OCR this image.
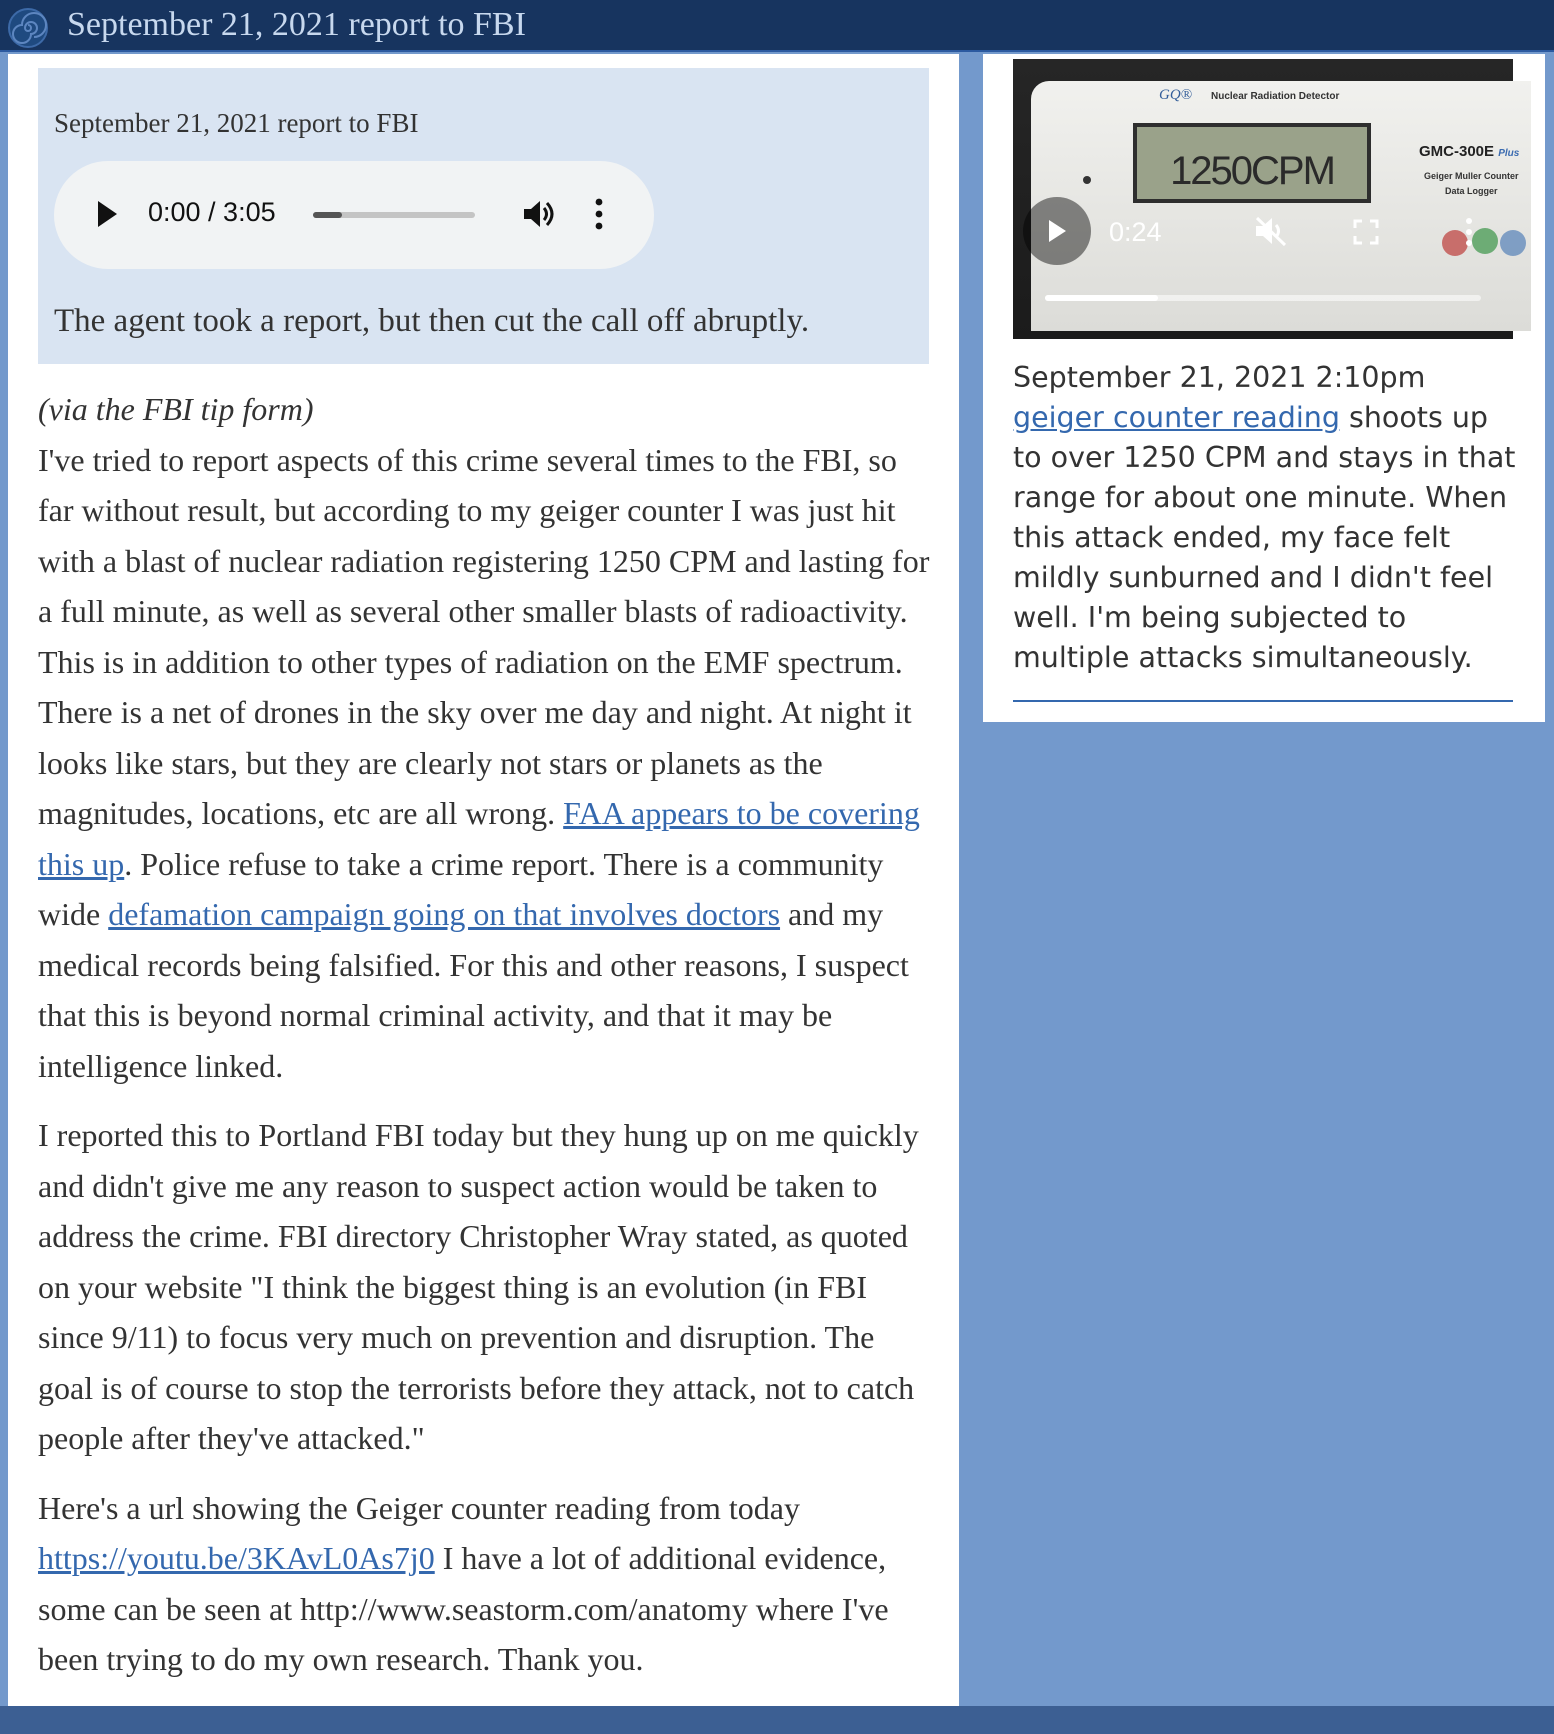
September 21, 2021 report to FBI
September 21, 2021 report to FBI
0:00 / 3:05
The agent took a report, but then cut the call off abruptly.

(via the FBI tip form)
I've tried to report aspects of this crime several times to the FBI, so far without result, but according to my geiger counter I was just hit with a blast of nuclear radiation registering 1250 CPM and lasting for a full minute, as well as several other smaller blasts of radioactivity. This is in addition to other types of radiation on the EMF spectrum. There is a net of drones in the sky over me day and night. At night it looks like stars, but they are clearly not stars or planets as the magnitudes, locations, etc are all wrong. FAA appears to be covering this up. Police refuse to take a crime report. There is a community wide defamation campaign going on that involves doctors and my medical records being falsified. For this and other reasons, I suspect that this is beyond normal criminal activity, and that it may be intelligence linked.

I reported this to Portland FBI today but they hung up on me quickly and didn't give me any reason to suspect action would be taken to address the crime. FBI directory Christopher Wray stated, as quoted on your website "I think the biggest thing is an evolution (in FBI since 9/11) to focus very much on prevention and disruption. The goal is of course to stop the terrorists before they attack, not to catch people after they've attacked."

Here's a url showing the Geiger counter reading from today https://youtu.be/3KAvL0As7j0 I have a lot of additional evidence, some can be seen at http://www.seastorm.com/anatomy where I've been trying to do my own research. Thank you.

GQ® Nuclear Radiation Detector
1250CPM	GMC-300E Plus
Geiger Muller Counter
Data Logger
0:24
September 21, 2021 2:10pm
geiger counter reading shoots up to over 1250 CPM and stays in that range for about one minute. When this attack ended, my face felt mildly sunburned and I didn't feel well. I'm being subjected to multiple attacks simultaneously.
